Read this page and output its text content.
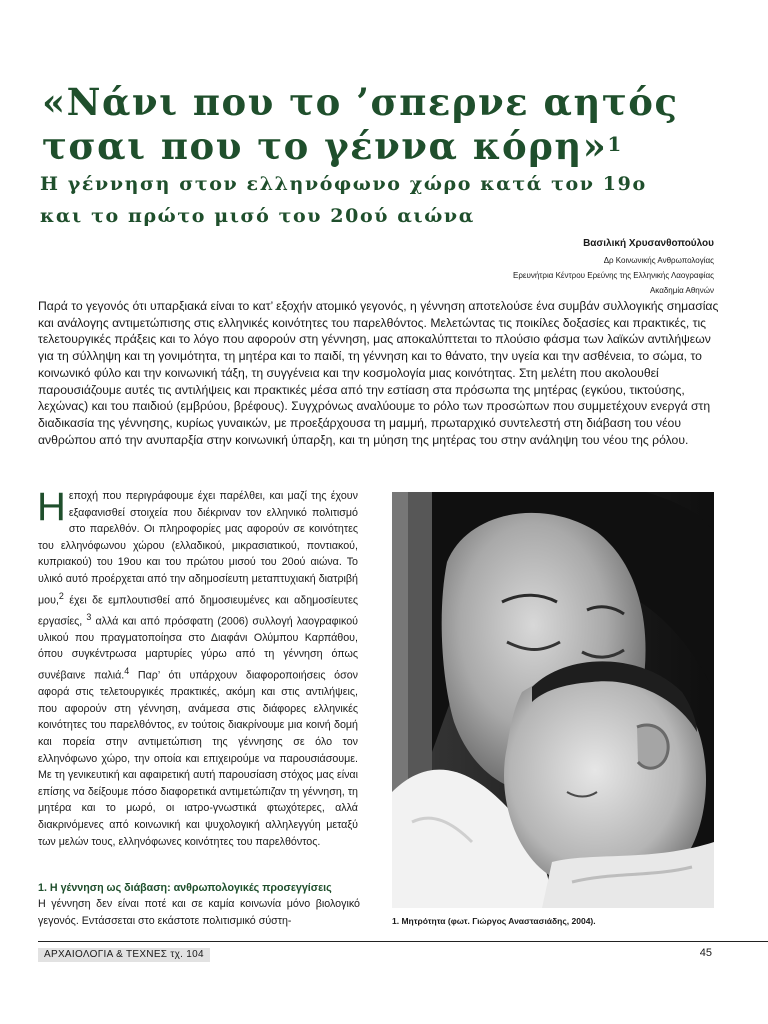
«Νάνι που το ’σπερνε αητός
τσαι που το γέννα κόρη»$^1$
Η γέννηση στον ελληνόφωνο χώρο κατά τον 19ο
και το πρώτο μισό του 20ού αιώνα

Βασιλική Χρυσανθοπούλου

Δρ Κοινωνικής Ανθρωπολογίας

Ερευνήτρια Κέντρου Ερεύνης της Ελληνικής Λαογραφίας

Ακαδημία Αθηνών

Παρά το γεγονός ότι υπαρξιακά είναι το κατ’ εξοχήν ατομικό γεγονός, η γέννηση αποτελούσε ένα συμβάν συλλογικής σημασίας και ανάλογης αντιμετώπισης στις ελληνικές κοινότητες του παρελθόντος. Μελετώντας τις ποικίλες δοξασίες και πρακτικές, τις τελετουργικές πράξεις και το λόγο που αφορούν στη γέννηση, μας αποκαλύπτεται το πλούσιο φάσμα των λαϊκών αντιλήψεων για τη σύλληψη και τη γονιμότητα, τη μητέρα και το παιδί, τη γέννηση και το θάνατο, την υγεία και την ασθένεια, το σώμα, το κοινωνικό φύλο και την κοινωνική τάξη, τη συγγένεια και την κοσμολογία μιας κοινότητας. Στη μελέτη που ακολουθεί παρουσιάζουμε αυτές τις αντιλήψεις και πρακτικές μέσα από την εστίαση στα πρόσωπα της μητέρας (εγκύου, τικτούσης, λεχώνας) και του παιδιού (εμβρύου, βρέφους). Συγχρόνως αναλύουμε το ρόλο των προσώπων που συμμετέχουν ενεργά στη διαδικασία της γέννησης, κυρίως γυναικών, με προεξάρχουσα τη μαμμή, πρωταρχικό συντελεστή στη διάβαση του νέου ανθρώπου από την ανυπαρξία στην κοινωνική ύπαρξη, και τη μύηση της μητέρας του στην ανάληψη του νέου της ρόλου.

Η εποχή που περιγράφουμε έχει παρέλθει, και μαζί της έχουν εξαφανισθεί στοιχεία που διέκριναν τον ελληνικό πολιτισμό στο παρελθόν. Οι πληροφορίες μας αφορούν σε κοινότητες του ελληνόφωνου χώρου (ελλαδικού, μικρασιατικού, ποντιακού, κυπριακού) του 19ου και του πρώτου μισού του 20ού αιώνα. Το υλικό αυτό προέρχεται από την αδημοσίευτη μεταπτυχιακή διατριβή μου,$^2$ έχει δε εμπλουτισθεί από δημοσιευμένες και αδημοσίευτες εργασίες, $^3$ αλλά και από πρόσφατη (2006) συλλογή λαογραφικού υλικού που πραγματοποίησα στο Διαφάνι Ολύμπου Καρπάθου, όπου συγκέντρωσα μαρτυρίες γύρω από τη γέννηση όπως συνέβαινε παλιά.$^4$ Παρ’ ότι υπάρχουν διαφοροποιήσεις όσον αφορά στις τελετουργικές πρακτικές, ακόμη και στις αντιλήψεις, που αφορούν στη γέννηση, ανάμεσα στις διάφορες ελληνικές κοινότητες του παρελθόντος, εν τούτοις διακρίνουμε μια κοινή δομή και πορεία στην αντιμετώπιση της γέννησης σε όλο τον ελληνόφωνο χώρο, την οποία και επιχειρούμε να παρουσιάσουμε. Με τη γενικευτική και αφαιρετική αυτή παρουσίαση στόχος μας είναι επίσης να δείξουμε πόσο διαφορετικά αντιμετώπιζαν τη γέννηση, τη μητέρα και το μωρό, οι ιατρο-γνωστικά φτωχότερες, αλλά διακρινόμενες από κοινωνική και ψυχολογική αλληλεγγύη μεταξύ των μελών τους, ελληνόφωνες κοινότητες του παρελθόντος.
1. Η γέννηση ως διάβαση: ανθρωπολογικές προσεγγίσεις

Η γέννηση δεν είναι ποτέ και σε καμία κοινωνία μόνο βιολογικό γεγονός. Εντάσσεται στο εκάστοτε πολιτισμικό σύστη-	1. Μητρότητα (φωτ. Γιώργος Αναστασιάδης, 2004).

ΑΡΧΑΙΟΛΟΓΙΑ & ΤΕΧΝΕΣ τχ. 104	45
